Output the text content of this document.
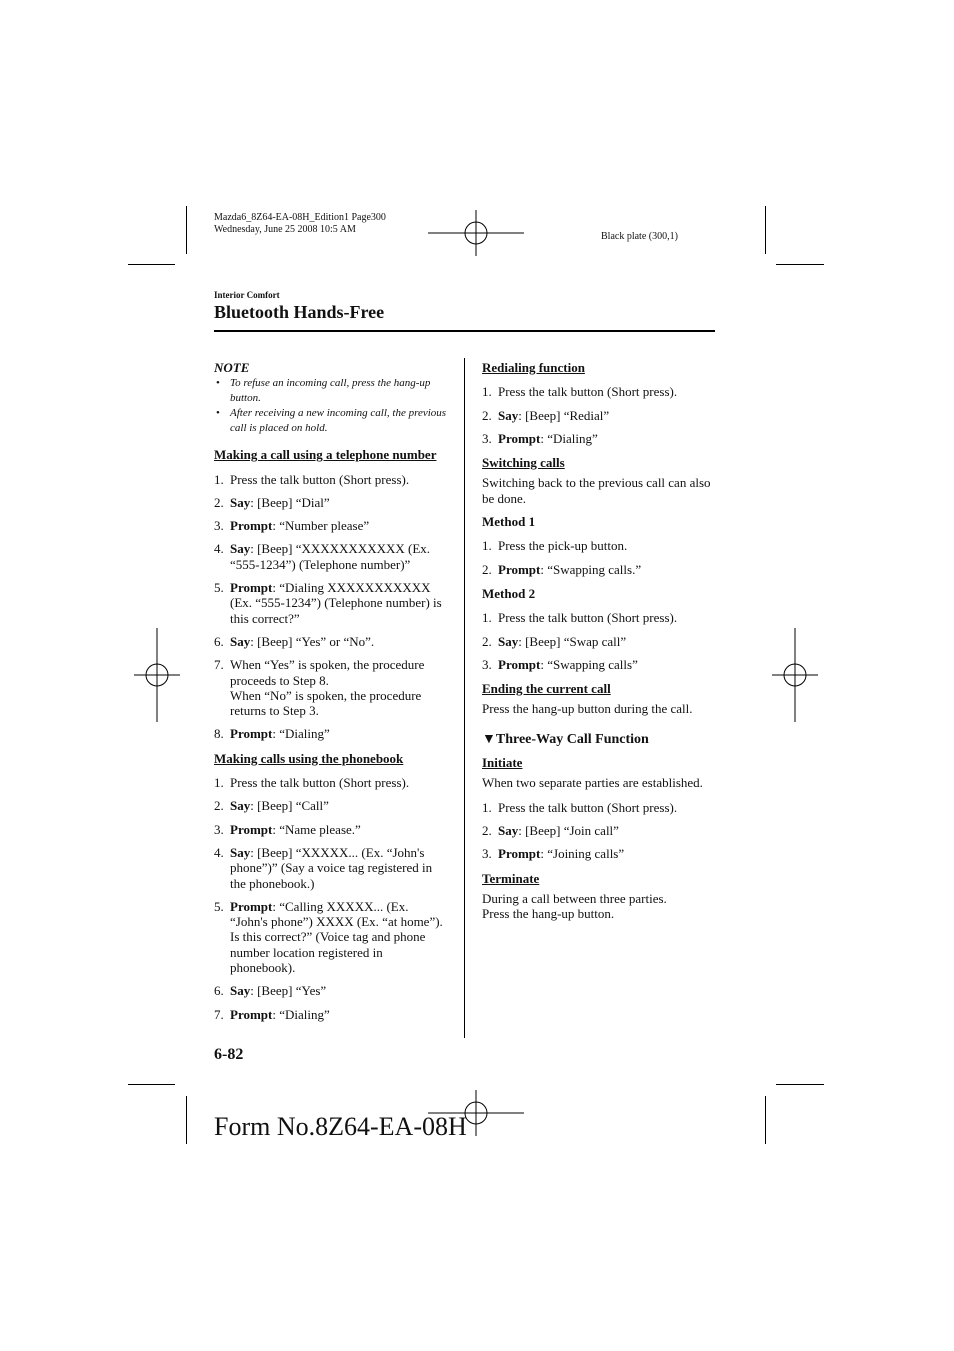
Mazda6_8Z64-EA-08H_Edition1 Page300
Wednesday, June 25 2008 10:5 AM
Black plate (300,1)
Interior Comfort
Bluetooth Hands-Free

NOTE

• To refuse an incoming call, press the hang-up button.

• After receiving a new incoming call, the previous call is placed on hold.

Making a call using a telephone number

1. Press the talk button (Short press).

2. Say: [Beep] “Dial”

3. Prompt: “Number please”

4. Say: [Beep] “XXXXXXXXXXX (Ex. “555-1234”) (Telephone number)”

5. Prompt: “Dialing XXXXXXXXXXX (Ex. “555-1234”) (Telephone number) is this correct?”

6. Say: [Beep] “Yes” or “No”.

7. When “Yes” is spoken, the procedure proceeds to Step 8.
When “No” is spoken, the procedure returns to Step 3.

8. Prompt: “Dialing”

Making calls using the phonebook

1. Press the talk button (Short press).

2. Say: [Beep] “Call”

3. Prompt: “Name please.”

4. Say: [Beep] “XXXXX... (Ex. “John's phone”)” (Say a voice tag registered in the phonebook.)

5. Prompt: “Calling XXXXX... (Ex. “John's phone”) XXXX (Ex. “at home”). Is this correct?” (Voice tag and phone number location registered in phonebook).

6. Say: [Beep] “Yes”

7. Prompt: “Dialing”

Redialing function

1. Press the talk button (Short press).

2. Say: [Beep] “Redial”

3. Prompt: “Dialing”

Switching calls

Switching back to the previous call can also be done.

Method 1

1. Press the pick-up button.

2. Prompt: “Swapping calls.”

Method 2

1. Press the talk button (Short press).

2. Say: [Beep] “Swap call”

3. Prompt: “Swapping calls”

Ending the current call

Press the hang-up button during the call.

▼Three-Way Call Function

Initiate

When two separate parties are established.

1. Press the talk button (Short press).

2. Say: [Beep] “Join call”

3. Prompt: “Joining calls”

Terminate

During a call between three parties.

Press the hang-up button.

6-82
Form No.8Z64-EA-08H
